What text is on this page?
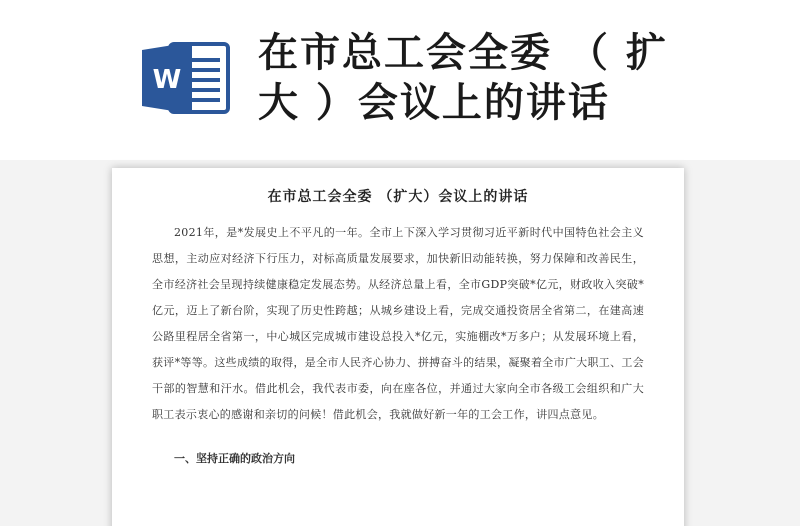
W
在市总工会全委 （ 扩大 ）会议上的讲话
在市总工会全委 （扩大）会议上的讲话

2021年，是*发展史上不平凡的一年。全市上下深入学习贯彻习近平新时代中国特色社会主义思想，主动应对经济下行压力，对标高质量发展要求，加快新旧动能转换，努力保障和改善民生，全市经济社会呈现持续健康稳定发展态势。从经济总量上看，全市GDP突破*亿元，财政收入突破*亿元，迈上了新台阶，实现了历史性跨越；从城乡建设上看，完成交通投资居全省第二，在建高速公路里程居全省第一，中心城区完成城市建设总投入*亿元，实施棚改*万多户；从发展环境上看，获评*等等。这些成绩的取得，是全市人民齐心协力、拼搏奋斗的结果，凝聚着全市广大职工、工会干部的智慧和汗水。借此机会，我代表市委，向在座各位，并通过大家向全市各级工会组织和广大职工表示衷心的感谢和亲切的问候！借此机会，我就做好新一年的工会工作，讲四点意见。

一、坚持正确的政治方向
